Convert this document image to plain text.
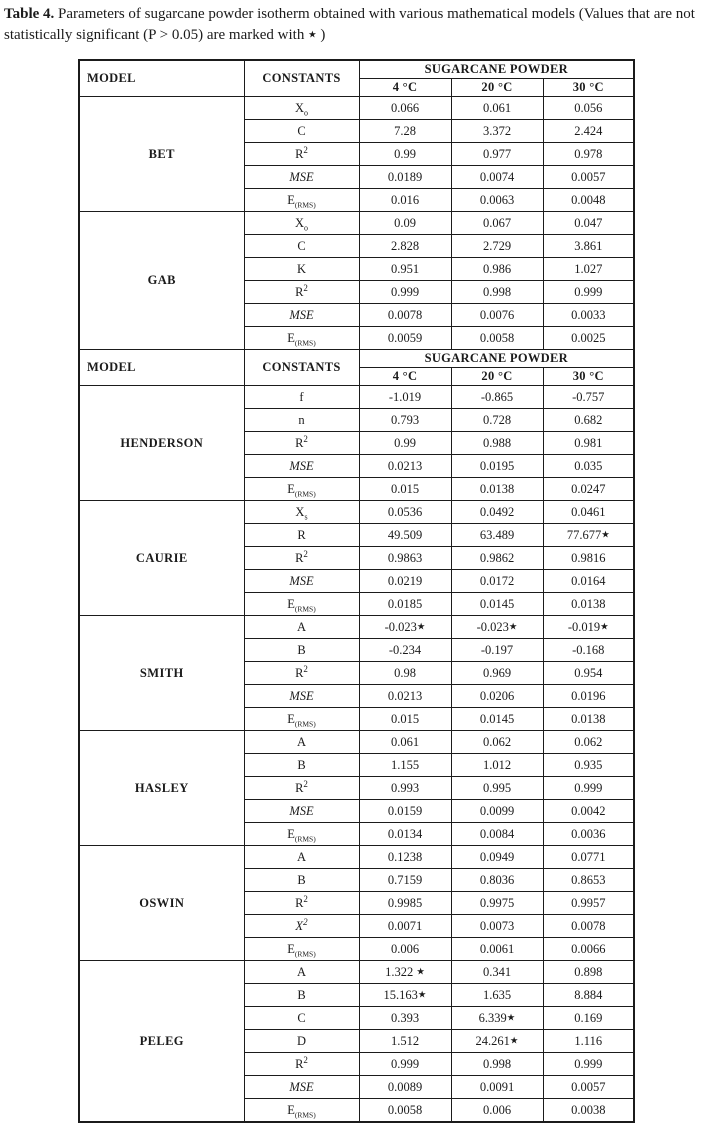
Table 4. Parameters of sugarcane powder isotherm obtained with various mathematical models (Values that are not statistically significant (P > 0.05) are marked with ★ )

MODEL	CONSTANTS	SUGARCANE POWDER		
		4 °C	20 °C	30 °C
BET	$X_o$	0.066	0.061	0.056
	C	7.28	3.372	2.424
	$R^2$	0.99	0.977	0.978
	MSE	0.0189	0.0074	0.0057
	$E_{(RMS)}$	0.016	0.0063	0.0048
GAB	$X_o$	0.09	0.067	0.047
	C	2.828	2.729	3.861
	K	0.951	0.986	1.027
	$R^2$	0.999	0.998	0.999
	MSE	0.0078	0.0076	0.0033
	$E_{(RMS)}$	0.0059	0.0058	0.0025
MODEL	CONSTANTS	SUGARCANE POWDER		
		4 °C	20 °C	30 °C
HENDERSON	f	-1.019	-0.865	-0.757
	n	0.793	0.728	0.682
	$R^2$	0.99	0.988	0.981
	MSE	0.0213	0.0195	0.035
	$E_{(RMS)}$	0.015	0.0138	0.0247
CAURIE	$X_s$	0.0536	0.0492	0.0461
	R	49.509	63.489	77.677★
	$R^2$	0.9863	0.9862	0.9816
	MSE	0.0219	0.0172	0.0164
	$E_{(RMS)}$	0.0185	0.0145	0.0138
SMITH	A	-0.023★	-0.023★	-0.019★
	B	-0.234	-0.197	-0.168
	$R^2$	0.98	0.969	0.954
	MSE	0.0213	0.0206	0.0196
	$E_{(RMS)}$	0.015	0.0145	0.0138
HASLEY	A	0.061	0.062	0.062
	B	1.155	1.012	0.935
	$R^2$	0.993	0.995	0.999
	MSE	0.0159	0.0099	0.0042
	$E_{(RMS)}$	0.0134	0.0084	0.0036
OSWIN	A	0.1238	0.0949	0.0771
	B	0.7159	0.8036	0.8653
	$R^2$	0.9985	0.9975	0.9957
	$X^2$	0.0071	0.0073	0.0078
	$E_{(RMS)}$	0.006	0.0061	0.0066
PELEG	A	1.322 ★	0.341	0.898
	B	15.163★	1.635	8.884
	C	0.393	6.339★	0.169
	D	1.512	24.261★	1.116
	$R^2$	0.999	0.998	0.999
	MSE	0.0089	0.0091	0.0057
	$E_{(RMS)}$	0.0058	0.006	0.0038
